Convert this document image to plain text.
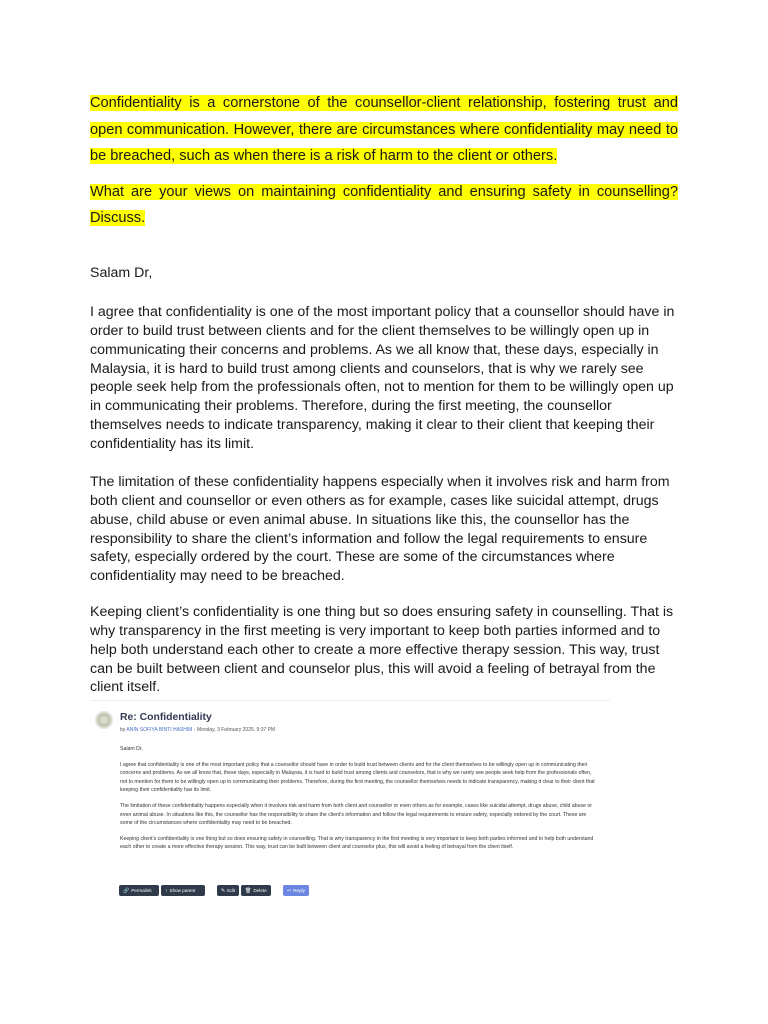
Confidentiality is a cornerstone of the counsellor-client relationship, fostering trust and open communication. However, there are circumstances where confidentiality may need to be breached, such as when there is a risk of harm to the client or others.

What are your views on maintaining confidentiality and ensuring safety in counselling? Discuss.

Salam Dr,

I agree that confidentiality is one of the most important policy that a counsellor should have in order to build trust between clients and for the client themselves to be willingly open up in communicating their concerns and problems. As we all know that, these days, especially in Malaysia, it is hard to build trust among clients and counselors, that is why we rarely see people seek help from the professionals often, not to mention for them to be willingly open up in communicating their problems. Therefore, during the first meeting, the counsellor themselves needs to indicate transparency, making it clear to their client that keeping their confidentiality has its limit.

The limitation of these confidentiality happens especially when it involves risk and harm from both client and counsellor or even others as for example, cases like suicidal attempt, drugs abuse, child abuse or even animal abuse. In situations like this, the counsellor has the responsibility to share the client’s information and follow the legal requirements to ensure safety, especially ordered by the court. These are some of the circumstances where confidentiality may need to be breached.

Keeping client’s confidentiality is one thing but so does ensuring safety in counselling. That is why transparency in the first meeting is very important to keep both parties informed and to help both understand each other to create a more effective therapy session. This way, trust can be built between client and counselor plus, this will avoid a feeling of betrayal from the client itself.

Re: Confidentiality

by ANIN SOFIYA BINTI HASHIM - Monday, 3 February 2025, 9:37 PM

Salam Dr,

I agree that confidentiality is one of the most important policy that a counsellor should have in order to build trust between clients and for the client themselves to be willingly open up in communicating their concerns and problems. As we all know that, these days, especially in Malaysia, it is hard to build trust among clients and counselors, that is why we rarely see people seek help from the professionals often, not to mention for them to be willingly open up in communicating their problems. Therefore, during the first meeting, the counsellor themselves needs to indicate transparency, making it clear to their client that keeping their confidentiality has its limit.

The limitation of these confidentiality happens especially when it involves risk and harm from both client and counsellor or even others as for example, cases like suicidal attempt, drugs abuse, child abuse or even animal abuse. In situations like this, the counsellor has the responsibility to share the client’s information and follow the legal requirements to ensure safety, especially ordered by the court. These are some of the circumstances where confidentiality may need to be breached.

Keeping client’s confidentiality is one thing but so does ensuring safety in counselling. That is why transparency in the first meeting is very important to keep both parties informed and to help both understand each other to create a more effective therapy session. This way, trust can be built between client and counselor plus, this will avoid a feeling of betrayal from the client itself.

🔗 Permalink	↑ Show parent	✎ Edit	🗑 Delete	↩ Reply
